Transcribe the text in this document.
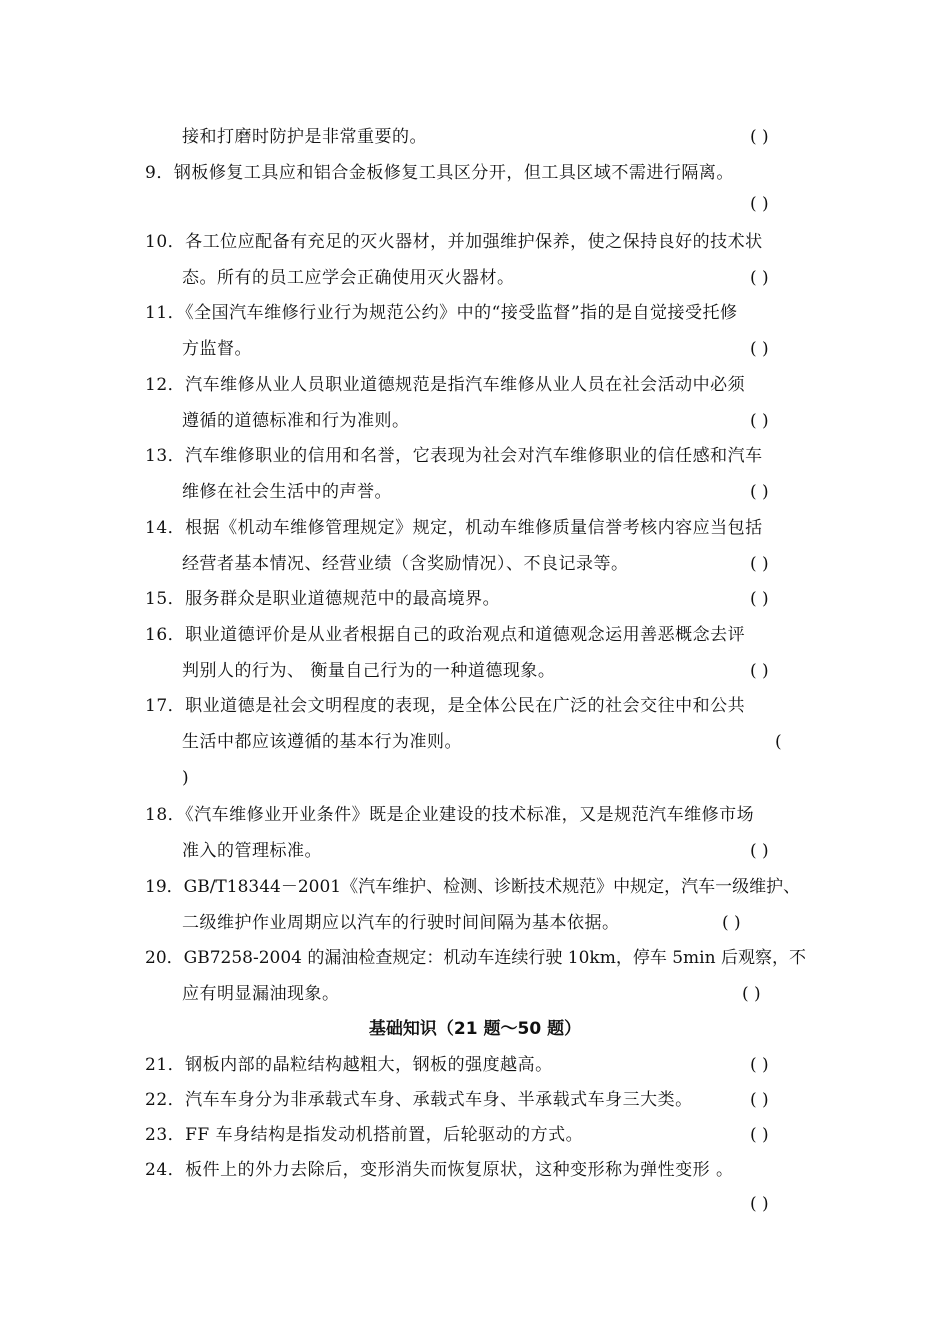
接和打磨时防护是非常重要的。	( )
9．钢板修复工具应和铝合金板修复工具区分开，但工具区域不需进行隔离。
( )
10．各工位应配备有充足的灭火器材，并加强维护保养，使之保持良好的技术状
态。所有的员工应学会正确使用灭火器材。	( )
11．《全国汽车维修行业行为规范公约》中的“接受监督”指的是自觉接受托修
方监督。	( )
12．汽车维修从业人员职业道德规范是指汽车维修从业人员在社会活动中必须
遵循的道德标准和行为准则。	( )
13．汽车维修职业的信用和名誉，它表现为社会对汽车维修职业的信任感和汽车
维修在社会生活中的声誉。	( )
14．根据《机动车维修管理规定》规定，机动车维修质量信誉考核内容应当包括
经营者基本情况、经营业绩（含奖励情况）、不良记录等。	( )
15．服务群众是职业道德规范中的最高境界。	( )
16．职业道德评价是从业者根据自己的政治观点和道德观念运用善恶概念去评
判别人的行为、 衡量自己行为的一种道德现象。	( )
17．职业道德是社会文明程度的表现，是全体公民在广泛的社会交往中和公共
生活中都应该遵循的基本行为准则。	(
)
18．《汽车维修业开业条件》既是企业建设的技术标准，又是规范汽车维修市场
准入的管理标准。	( )
19．GB/T18344－2001《汽车维护、检测、诊断技术规范》中规定，汽车一级维护、
二级维护作业周期应以汽车的行驶时间间隔为基本依据。	( )
20．GB7258-2004 的漏油检查规定：机动车连续行驶 10km，停车 5min 后观察，不
应有明显漏油现象。	( )
基础知识（21 题～50 题）
21．钢板内部的晶粒结构越粗大，钢板的强度越高。	( )
22．汽车车身分为非承载式车身、承载式车身、半承载式车身三大类。	( )
23．FF 车身结构是指发动机搭前置，后轮驱动的方式。	( )
24．板件上的外力去除后，变形消失而恢复原状，这种变形称为弹性变形 。
( )
